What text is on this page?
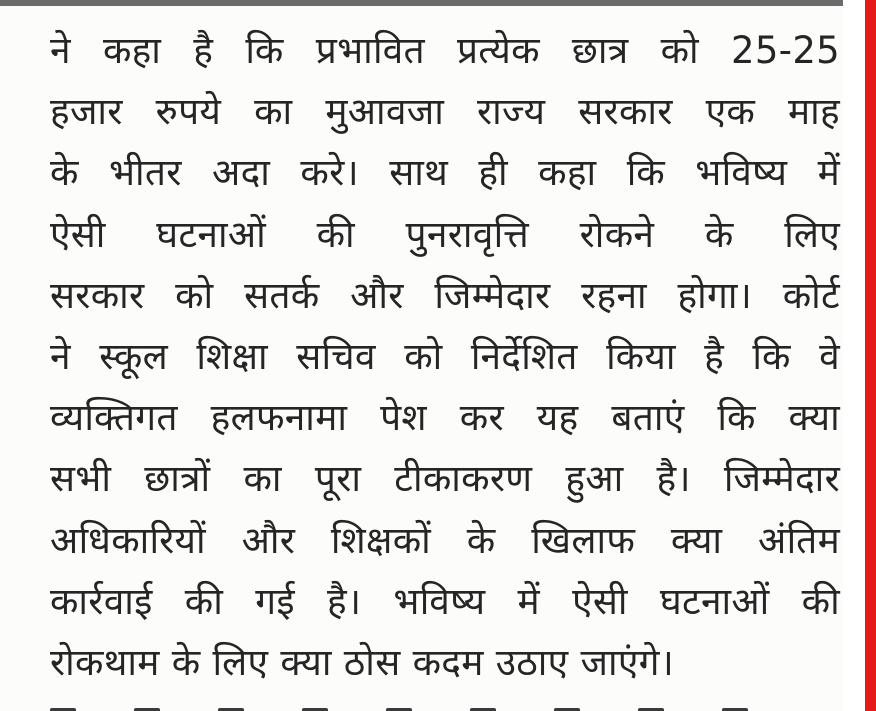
ने कहा है कि प्रभावित प्रत्येक छात्र को 25-25
हजार रुपये का मुआवजा राज्य सरकार एक माह
के भीतर अदा करे। साथ ही कहा कि भविष्य में
ऐसी घटनाओं की पुनरावृत्ति रोकने के लिए
सरकार को सतर्क और जिम्मेदार रहना होगा। कोर्ट
ने स्कूल शिक्षा सचिव को निर्देशित किया है कि वे
व्यक्तिगत हलफनामा पेश कर यह बताएं कि क्या
सभी छात्रों का पूरा टीकाकरण हुआ है। जिम्मेदार
अधिकारियों और शिक्षकों के खिलाफ क्या अंतिम
कार्रवाई की गई है। भविष्य में ऐसी घटनाओं की
रोकथाम के लिए क्या ठोस कदम उठाए जाएंगे।
